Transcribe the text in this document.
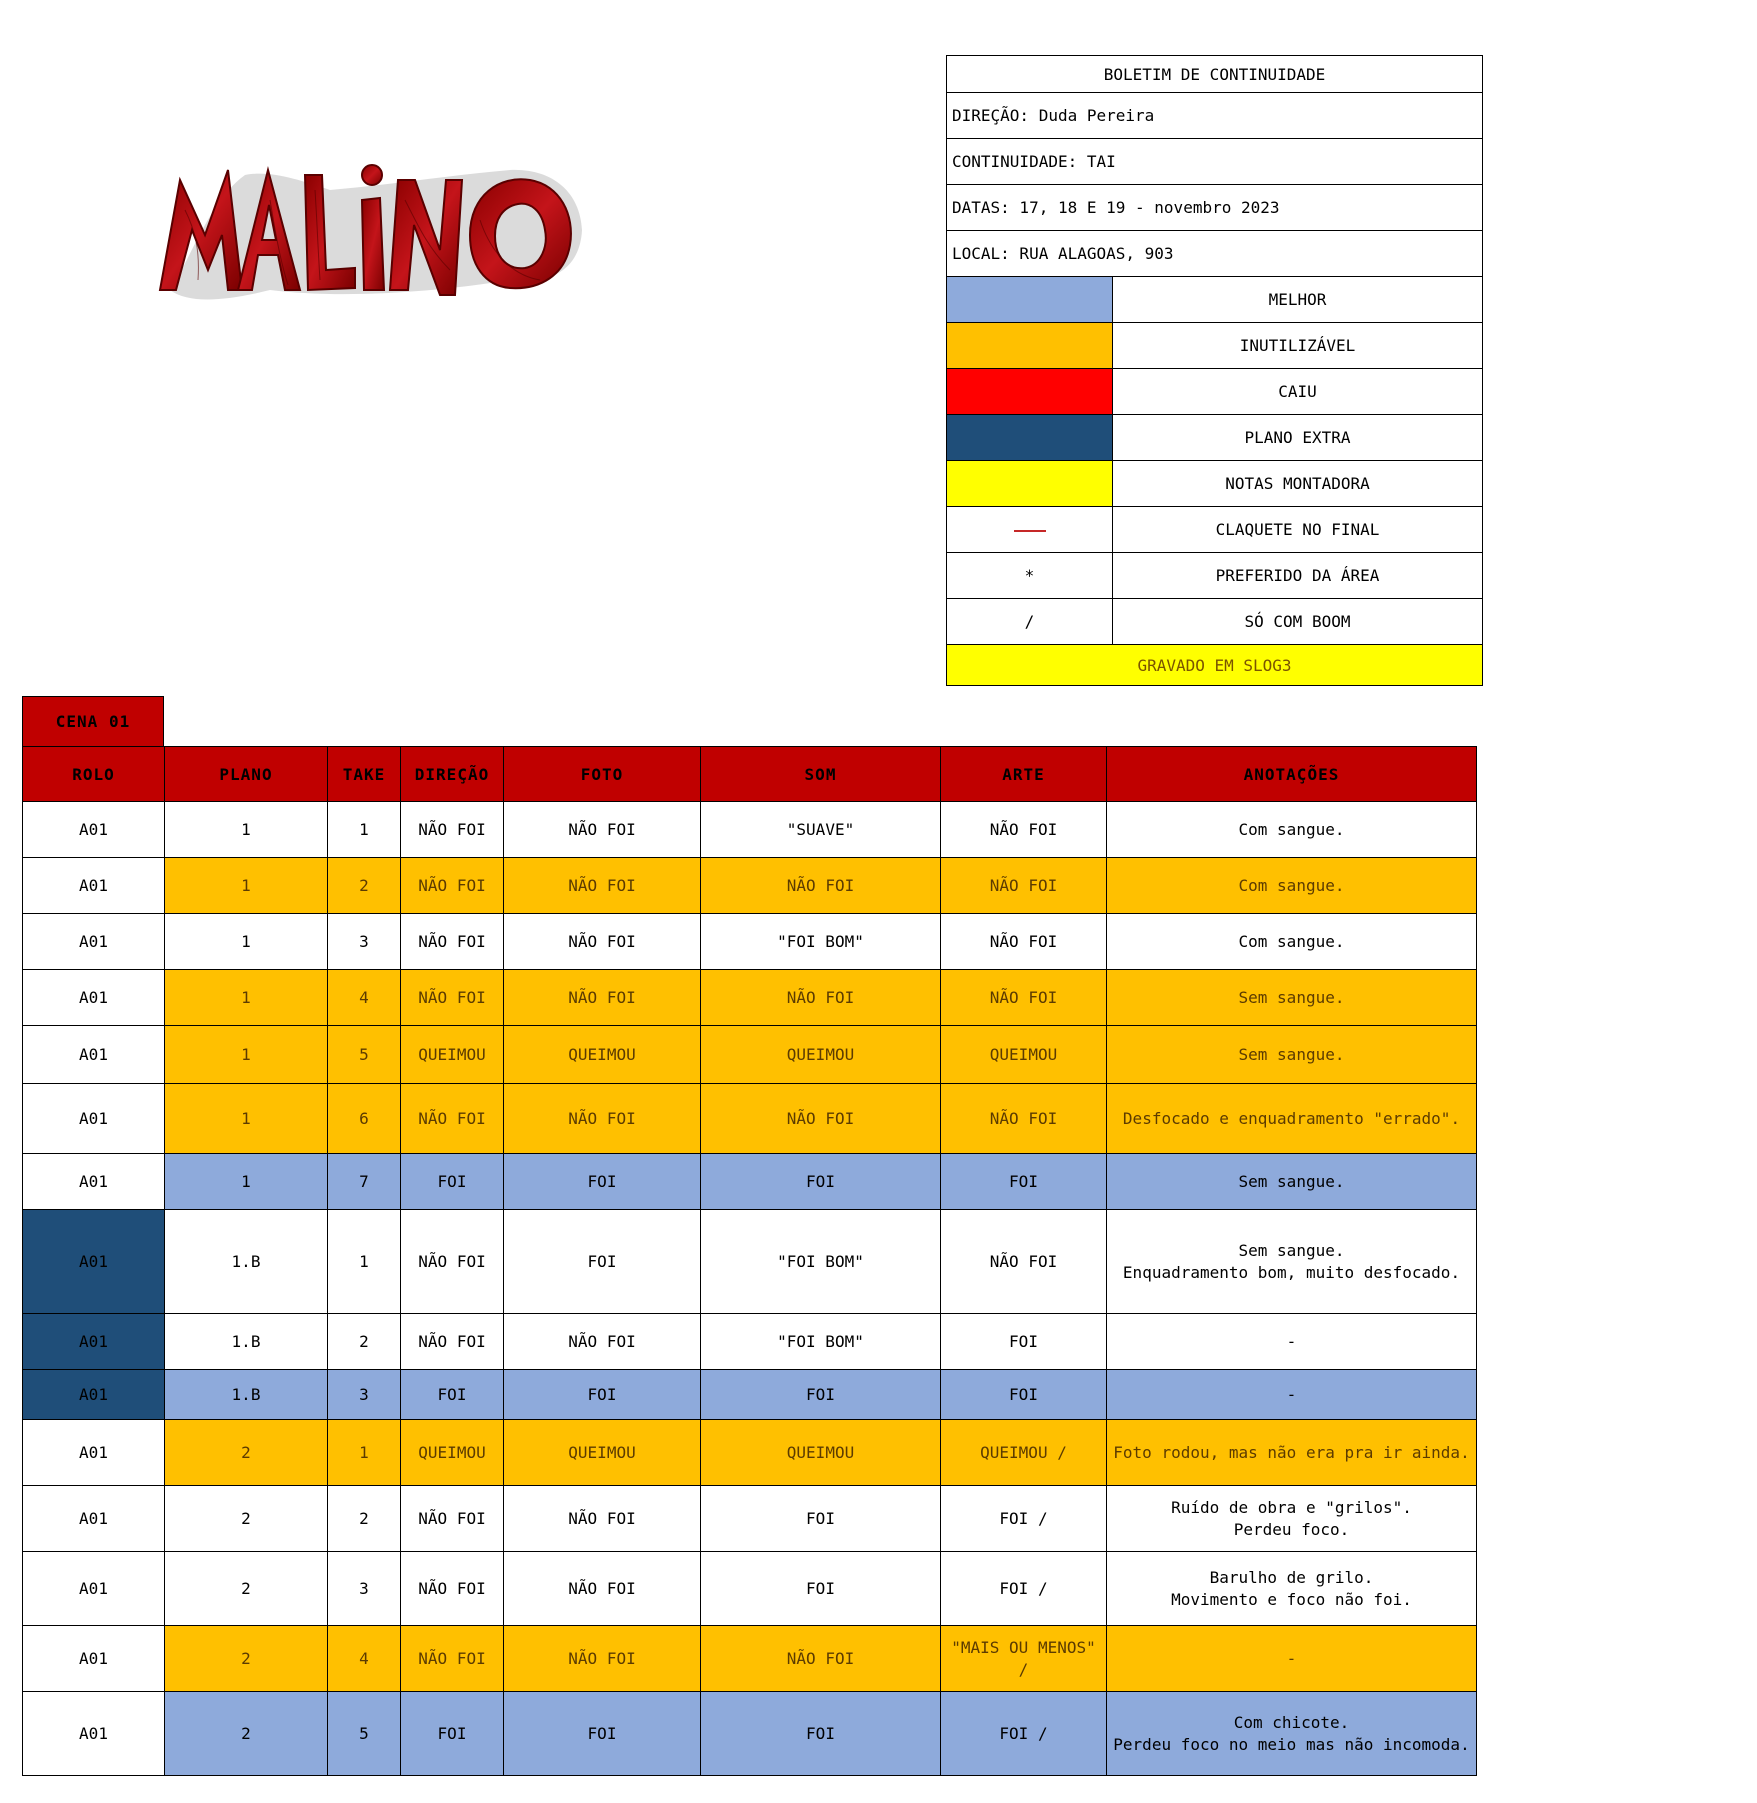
BOLETIM DE CONTINUIDADE	
DIREÇÃO: Duda Pereira	
CONTINUIDADE: TAI	
DATAS: 17, 18 E 19 - novembro 2023	
LOCAL: RUA ALAGOAS, 903	
	MELHOR
	INUTILIZÁVEL
	CAIU
	PLANO EXTRA
	NOTAS MONTADORA
	CLAQUETE NO FINAL
*	PREFERIDO DA ÁREA
/	SÓ COM BOOM
GRAVADO EM SLOG3	
CENA 01
ROLO	PLANO	TAKE	DIREÇÃO	FOTO	SOM	ARTE	ANOTAÇÕES
A01	1	1	NÃO FOI	NÃO FOI	"SUAVE"	NÃO FOI	Com sangue.
A01	1	2	NÃO FOI	NÃO FOI	NÃO FOI	NÃO FOI	Com sangue.
A01	1	3	NÃO FOI	NÃO FOI	"FOI BOM"	NÃO FOI	Com sangue.
A01	1	4	NÃO FOI	NÃO FOI	NÃO FOI	NÃO FOI	Sem sangue.
A01	1	5	QUEIMOU	QUEIMOU	QUEIMOU	QUEIMOU	Sem sangue.
A01	1	6	NÃO FOI	NÃO FOI	NÃO FOI	NÃO FOI	Desfocado e enquadramento "errado".
A01	1	7	FOI	FOI	FOI	FOI	Sem sangue.
A01	1.B	1	NÃO FOI	FOI	"FOI BOM"	NÃO FOI	Sem sangue.
Enquadramento bom, muito desfocado.
A01	1.B	2	NÃO FOI	NÃO FOI	"FOI BOM"	FOI	-
A01	1.B	3	FOI	FOI	FOI	FOI	-
A01	2	1	QUEIMOU	QUEIMOU	QUEIMOU	QUEIMOU /	Foto rodou, mas não era pra ir ainda.
A01	2	2	NÃO FOI	NÃO FOI	FOI	FOI /	Ruído de obra e "grilos".
Perdeu foco.
A01	2	3	NÃO FOI	NÃO FOI	FOI	FOI /	Barulho de grilo.
Movimento e foco não foi.
A01	2	4	NÃO FOI	NÃO FOI	NÃO FOI	"MAIS OU MENOS" /	-
A01	2	5	FOI	FOI	FOI	FOI /	Com chicote.
Perdeu foco no meio mas não incomoda.
